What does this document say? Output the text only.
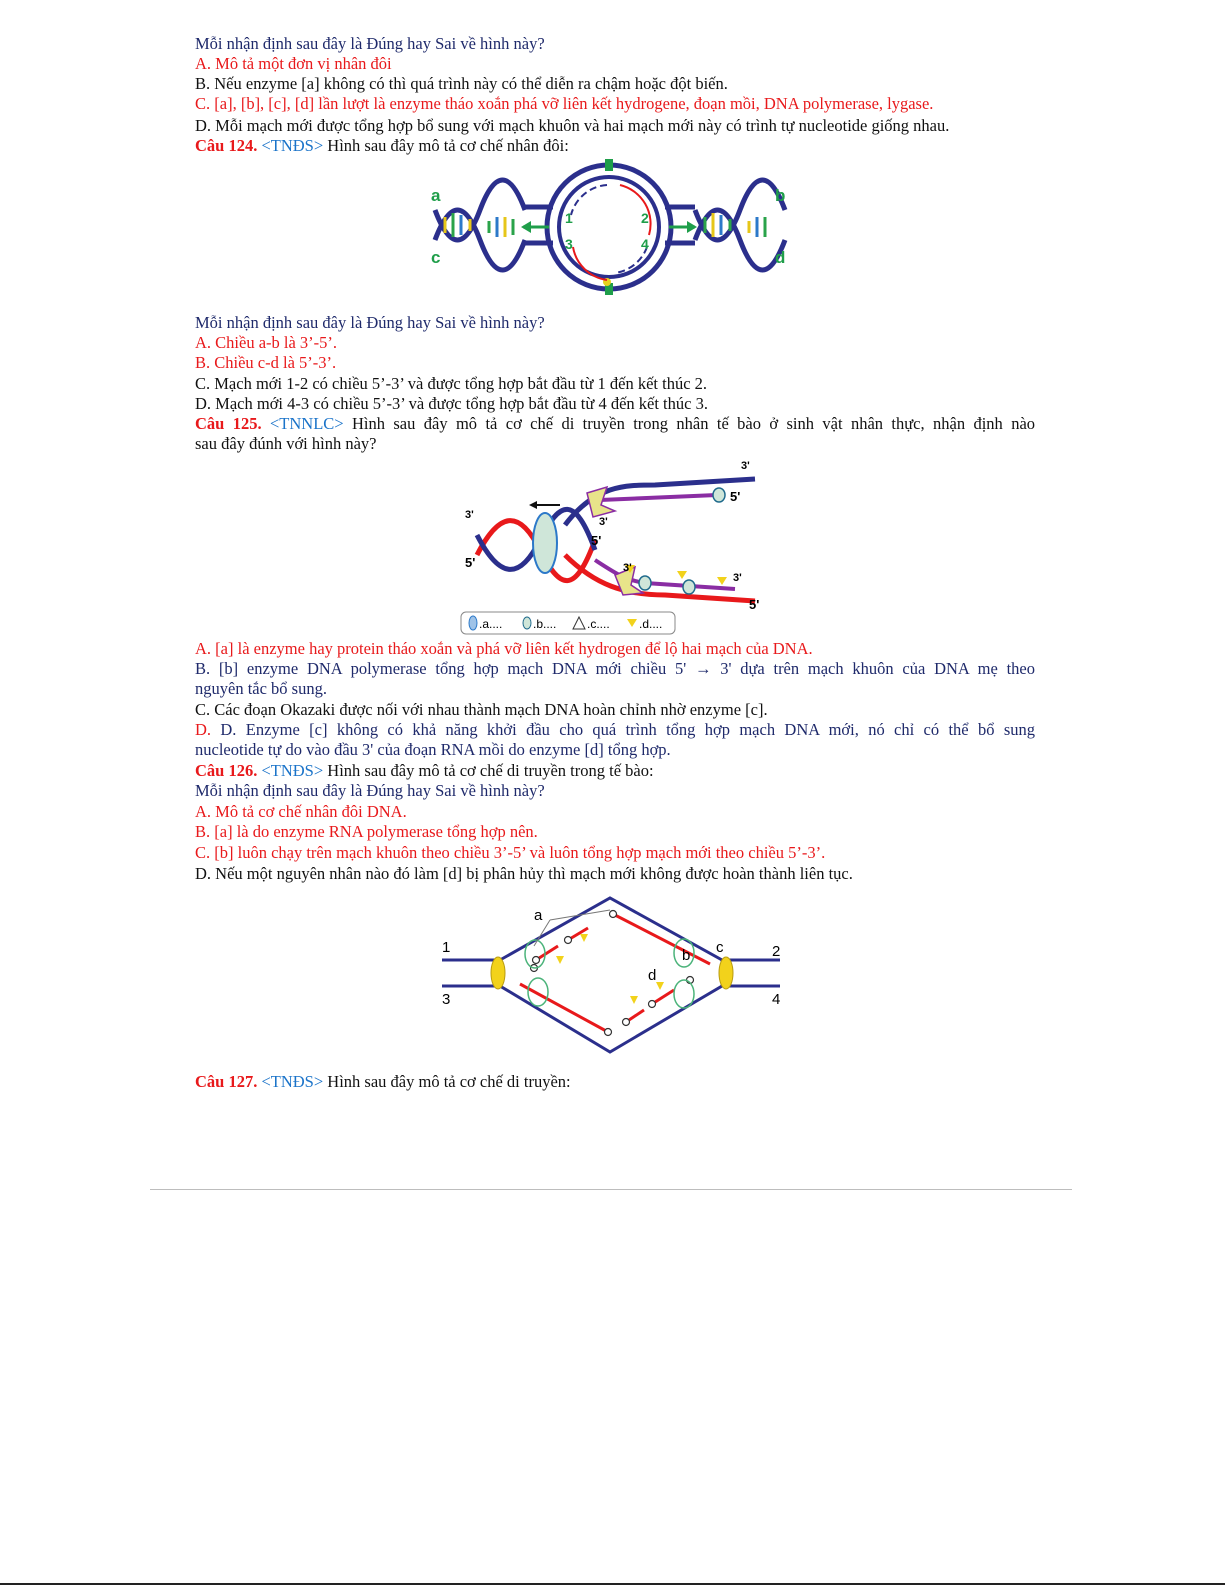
Mỗi nhận định sau đây là Đúng hay Sai về hình này?
A. Mô tả một đơn vị nhân đôi
B. Nếu enzyme [a] không có thì quá trình này có thể diễn ra chậm hoặc đột biến.
C. [a], [b], [c], [d] lần lượt là enzyme tháo xoắn phá vỡ liên kết hydrogene, đoạn mồi, DNA polymerase, lygase.
D. Mỗi mạch mới được tổng hợp bổ sung với mạch khuôn và hai mạch mới này có trình tự nucleotide giống nhau.
Câu 124. <TNĐS> Hình sau đây mô tả cơ chế nhân đôi:
a	b
c	d
1	2
3	4
Mỗi nhận định sau đây là Đúng hay Sai về hình này?
A. Chiều a-b là 3’-5’.
B. Chiều c-d là 5’-3’.
C. Mạch mới 1-2 có chiều 5’-3’ và được tổng hợp bắt đầu từ 1 đến kết thúc 2.
D. Mạch mới 4-3 có chiều 5’-3’ và được tổng hợp bắt đầu từ 4 đến kết thúc 3.
Câu 125. <TNNLC> Hình sau đây mô tả cơ chế di truyền trong nhân tế bào ở sinh vật nhân thực, nhận định nào
sau đây đúnh với hình này?
3'
5'
3'
5'
3'
5'	3'
3'
5'
.a....	.b....	.c.... .d....
A. [a] là enzyme hay protein tháo xoắn và phá vỡ liên kết hydrogen để lộ hai mạch của DNA.
B. [b] enzyme DNA polymerase tổng hợp mạch DNA mới chiều 5' → 3' dựa trên mạch khuôn của DNA mẹ theo
nguyên tắc bổ sung.
C. Các đoạn Okazaki được nối với nhau thành mạch DNA hoàn chỉnh nhờ enzyme [c].
D. D. Enzyme [c] không có khả năng khởi đầu cho quá trình tổng hợp mạch DNA mới, nó chỉ có thể bổ sung
nucleotide tự do vào đầu 3' của đoạn RNA mồi do enzyme [d] tổng hợp.
Câu 126. <TNĐS> Hình sau đây mô tả cơ chế di truyền trong tế bào:
Mỗi nhận định sau đây là Đúng hay Sai về hình này?
A. Mô tả cơ chế nhân đôi DNA.
B. [a] là do enzyme RNA polymerase tổng hợp nên.
C. [b] luôn chạy trên mạch khuôn theo chiều 3’-5’ và luôn tổng hợp mạch mới theo chiều 5’-3’.
D. Nếu một nguyên nhân nào đó làm [d] bị phân hủy thì mạch mới không được hoàn thành liên tục.
1
3
2
4
a
b c
d
Câu 127. <TNĐS> Hình sau đây mô tả cơ chế di truyền:
